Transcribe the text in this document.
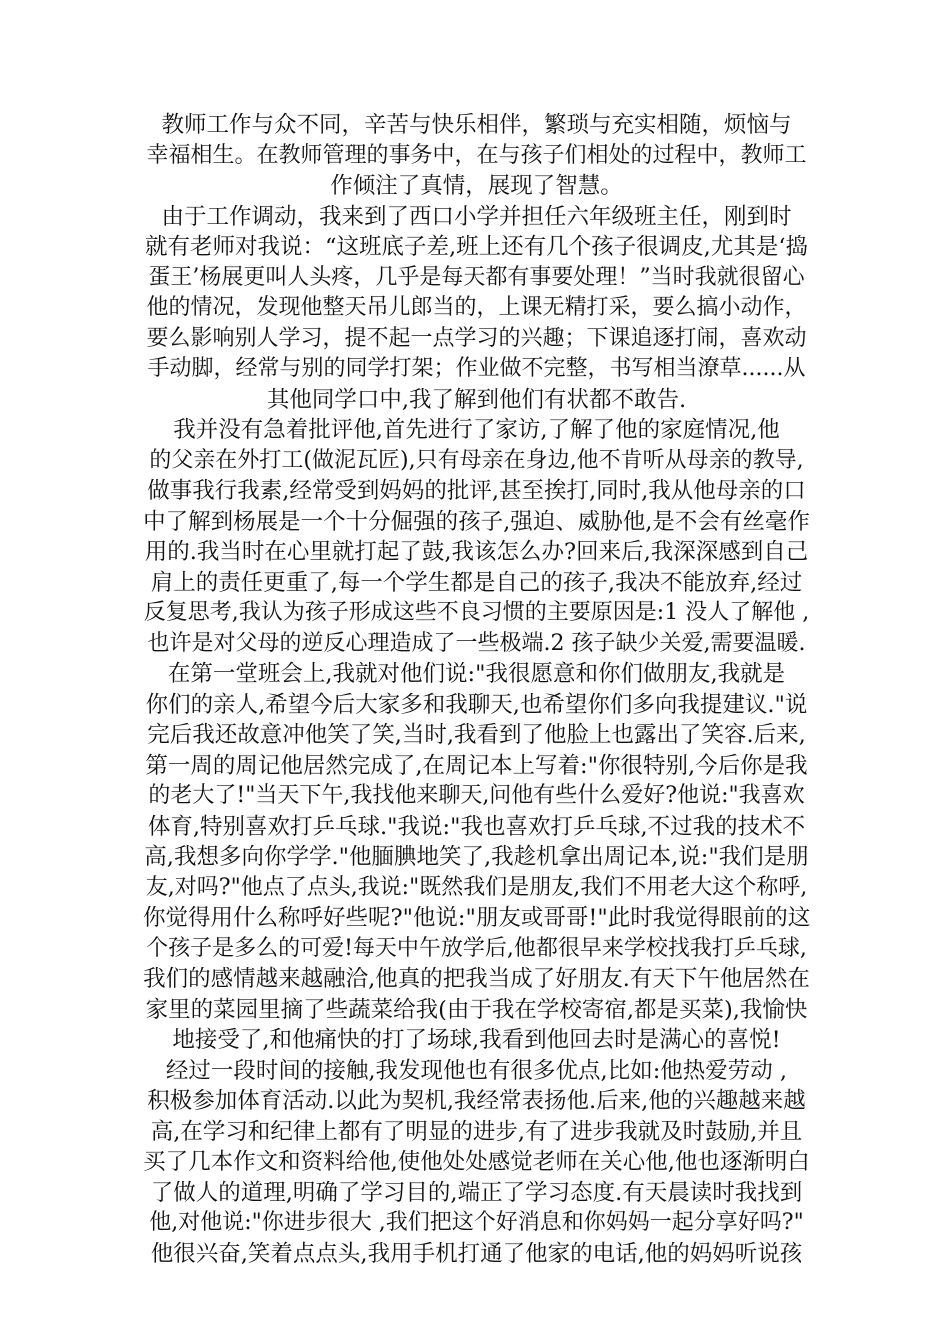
教师工作与众不同，辛苦与快乐相伴，繁琐与充实相随，烦恼与
幸福相生。在教师管理的事务中，在与孩子们相处的过程中，教师工
作倾注了真情，展现了智慧。
由于工作调动，我来到了西口小学并担任六年级班主任，刚到时
就有老师对我说：“这班底子差,班上还有几个孩子很调皮,尤其是‘捣
蛋王’杨展更叫人头疼，几乎是每天都有事要处理！”当时我就很留心
他的情况，发现他整天吊儿郎当的，上课无精打采，要么搞小动作，
要么影响别人学习，提不起一点学习的兴趣；下课追逐打闹，喜欢动
手动脚，经常与别的同学打架；作业做不完整，书写相当潦草......从
其他同学口中,我了解到他们有状都不敢告.
我并没有急着批评他,首先进行了家访,了解了他的家庭情况,他
的父亲在外打工(做泥瓦匠),只有母亲在身边,他不肯听从母亲的教导,
做事我行我素,经常受到妈妈的批评,甚至挨打,同时,我从他母亲的口
中了解到杨展是一个十分倔强的孩子,强迫、威胁他,是不会有丝毫作
用的.我当时在心里就打起了鼓,我该怎么办?回来后,我深深感到自己
肩上的责任更重了,每一个学生都是自己的孩子,我决不能放弃,经过
反复思考,我认为孩子形成这些不良习惯的主要原因是:1 没人了解他 ,
也许是对父母的逆反心理造成了一些极端.2 孩子缺少关爱,需要温暖.
在第一堂班会上,我就对他们说:"我很愿意和你们做朋友,我就是
你们的亲人,希望今后大家多和我聊天,也希望你们多向我提建议."说
完后我还故意冲他笑了笑,当时,我看到了他脸上也露出了笑容.后来,
第一周的周记他居然完成了,在周记本上写着:"你很特别,今后你是我
的老大了!"当天下午,我找他来聊天,问他有些什么爱好?他说:"我喜欢
体育,特别喜欢打乒乓球."我说:"我也喜欢打乒乓球,不过我的技术不
高,我想多向你学学."他腼腆地笑了,我趁机拿出周记本,说:"我们是朋
友,对吗?"他点了点头,我说:"既然我们是朋友,我们不用老大这个称呼,
你觉得用什么称呼好些呢?"他说:"朋友或哥哥!"此时我觉得眼前的这
个孩子是多么的可爱!每天中午放学后,他都很早来学校找我打乒乓球,
我们的感情越来越融洽,他真的把我当成了好朋友.有天下午他居然在
家里的菜园里摘了些蔬菜给我(由于我在学校寄宿,都是买菜),我愉快
地接受了,和他痛快的打了场球,我看到他回去时是满心的喜悦!
经过一段时间的接触,我发现他也有很多优点,比如:他热爱劳动 ,
积极参加体育活动.以此为契机,我经常表扬他.后来,他的兴趣越来越
高,在学习和纪律上都有了明显的进步,有了进步我就及时鼓励,并且
买了几本作文和资料给他,使他处处感觉老师在关心他,他也逐渐明白
了做人的道理,明确了学习目的,端正了学习态度.有天晨读时我找到
他,对他说:"你进步很大 ,我们把这个好消息和你妈妈一起分享好吗?"
他很兴奋,笑着点点头,我用手机打通了他家的电话,他的妈妈听说孩
